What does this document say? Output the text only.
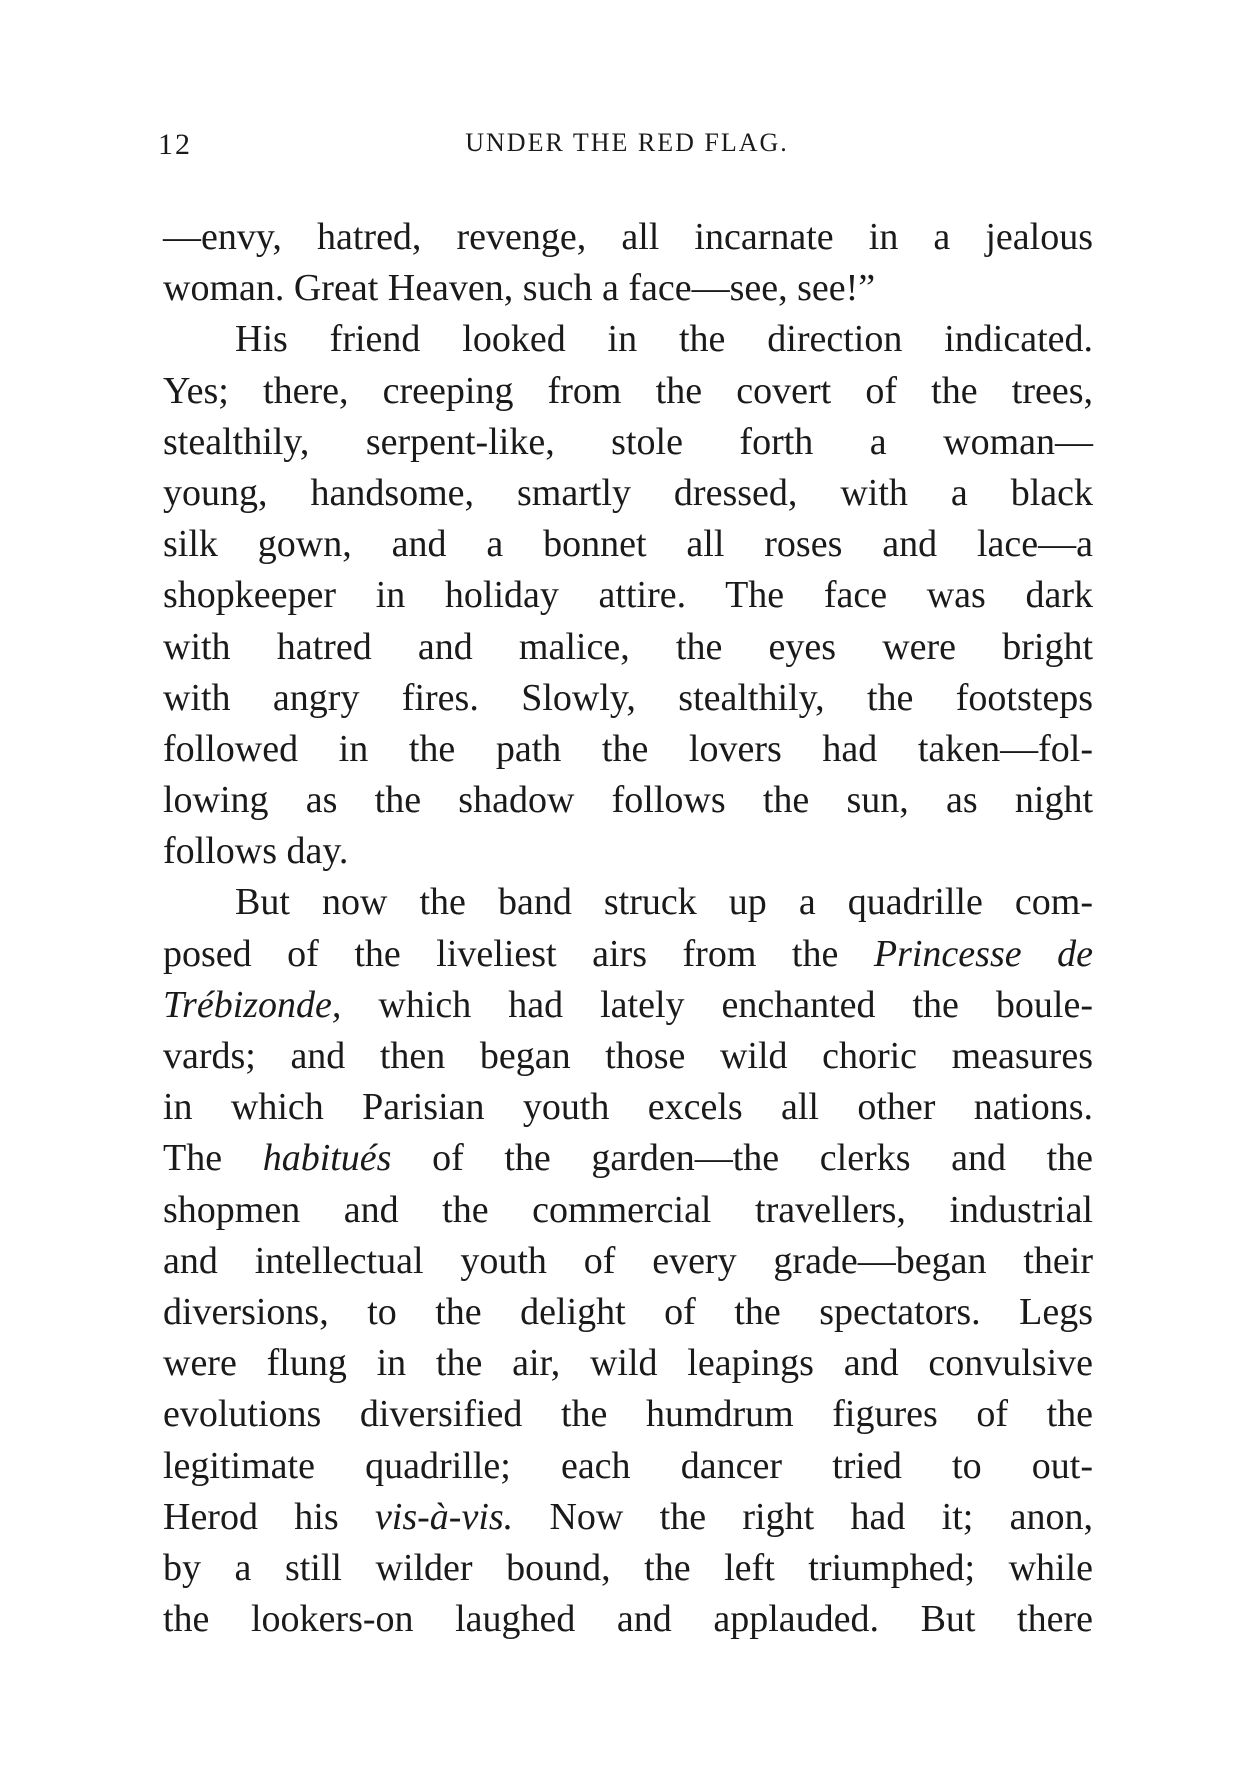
12	UNDER THE RED FLAG.
—envy, hatred, revenge, all incarnate in a jealous
woman. Great Heaven, such a face—see, see!”
His friend looked in the direction indicated.
Yes; there, creeping from the covert of the trees,
stealthily, serpent-like, stole forth a woman—
young, handsome, smartly dressed, with a black
silk gown, and a bonnet all roses and lace—a
shopkeeper in holiday attire. The face was dark
with hatred and malice, the eyes were bright
with angry fires. Slowly, stealthily, the footsteps
followed in the path the lovers had taken—fol-
lowing as the shadow follows the sun, as night
follows day.
But now the band struck up a quadrille com-
posed of the liveliest airs from the Princesse de
Trébizonde, which had lately enchanted the boule-
vards; and then began those wild choric measures
in which Parisian youth excels all other nations.
The habitués of the garden—the clerks and the
shopmen and the commercial travellers, industrial
and intellectual youth of every grade—began their
diversions, to the delight of the spectators. Legs
were flung in the air, wild leapings and convulsive
evolutions diversified the humdrum figures of the
legitimate quadrille; each dancer tried to out-
Herod his vis-à-vis. Now the right had it; anon,
by a still wilder bound, the left triumphed; while
the lookers-on laughed and applauded. But there
